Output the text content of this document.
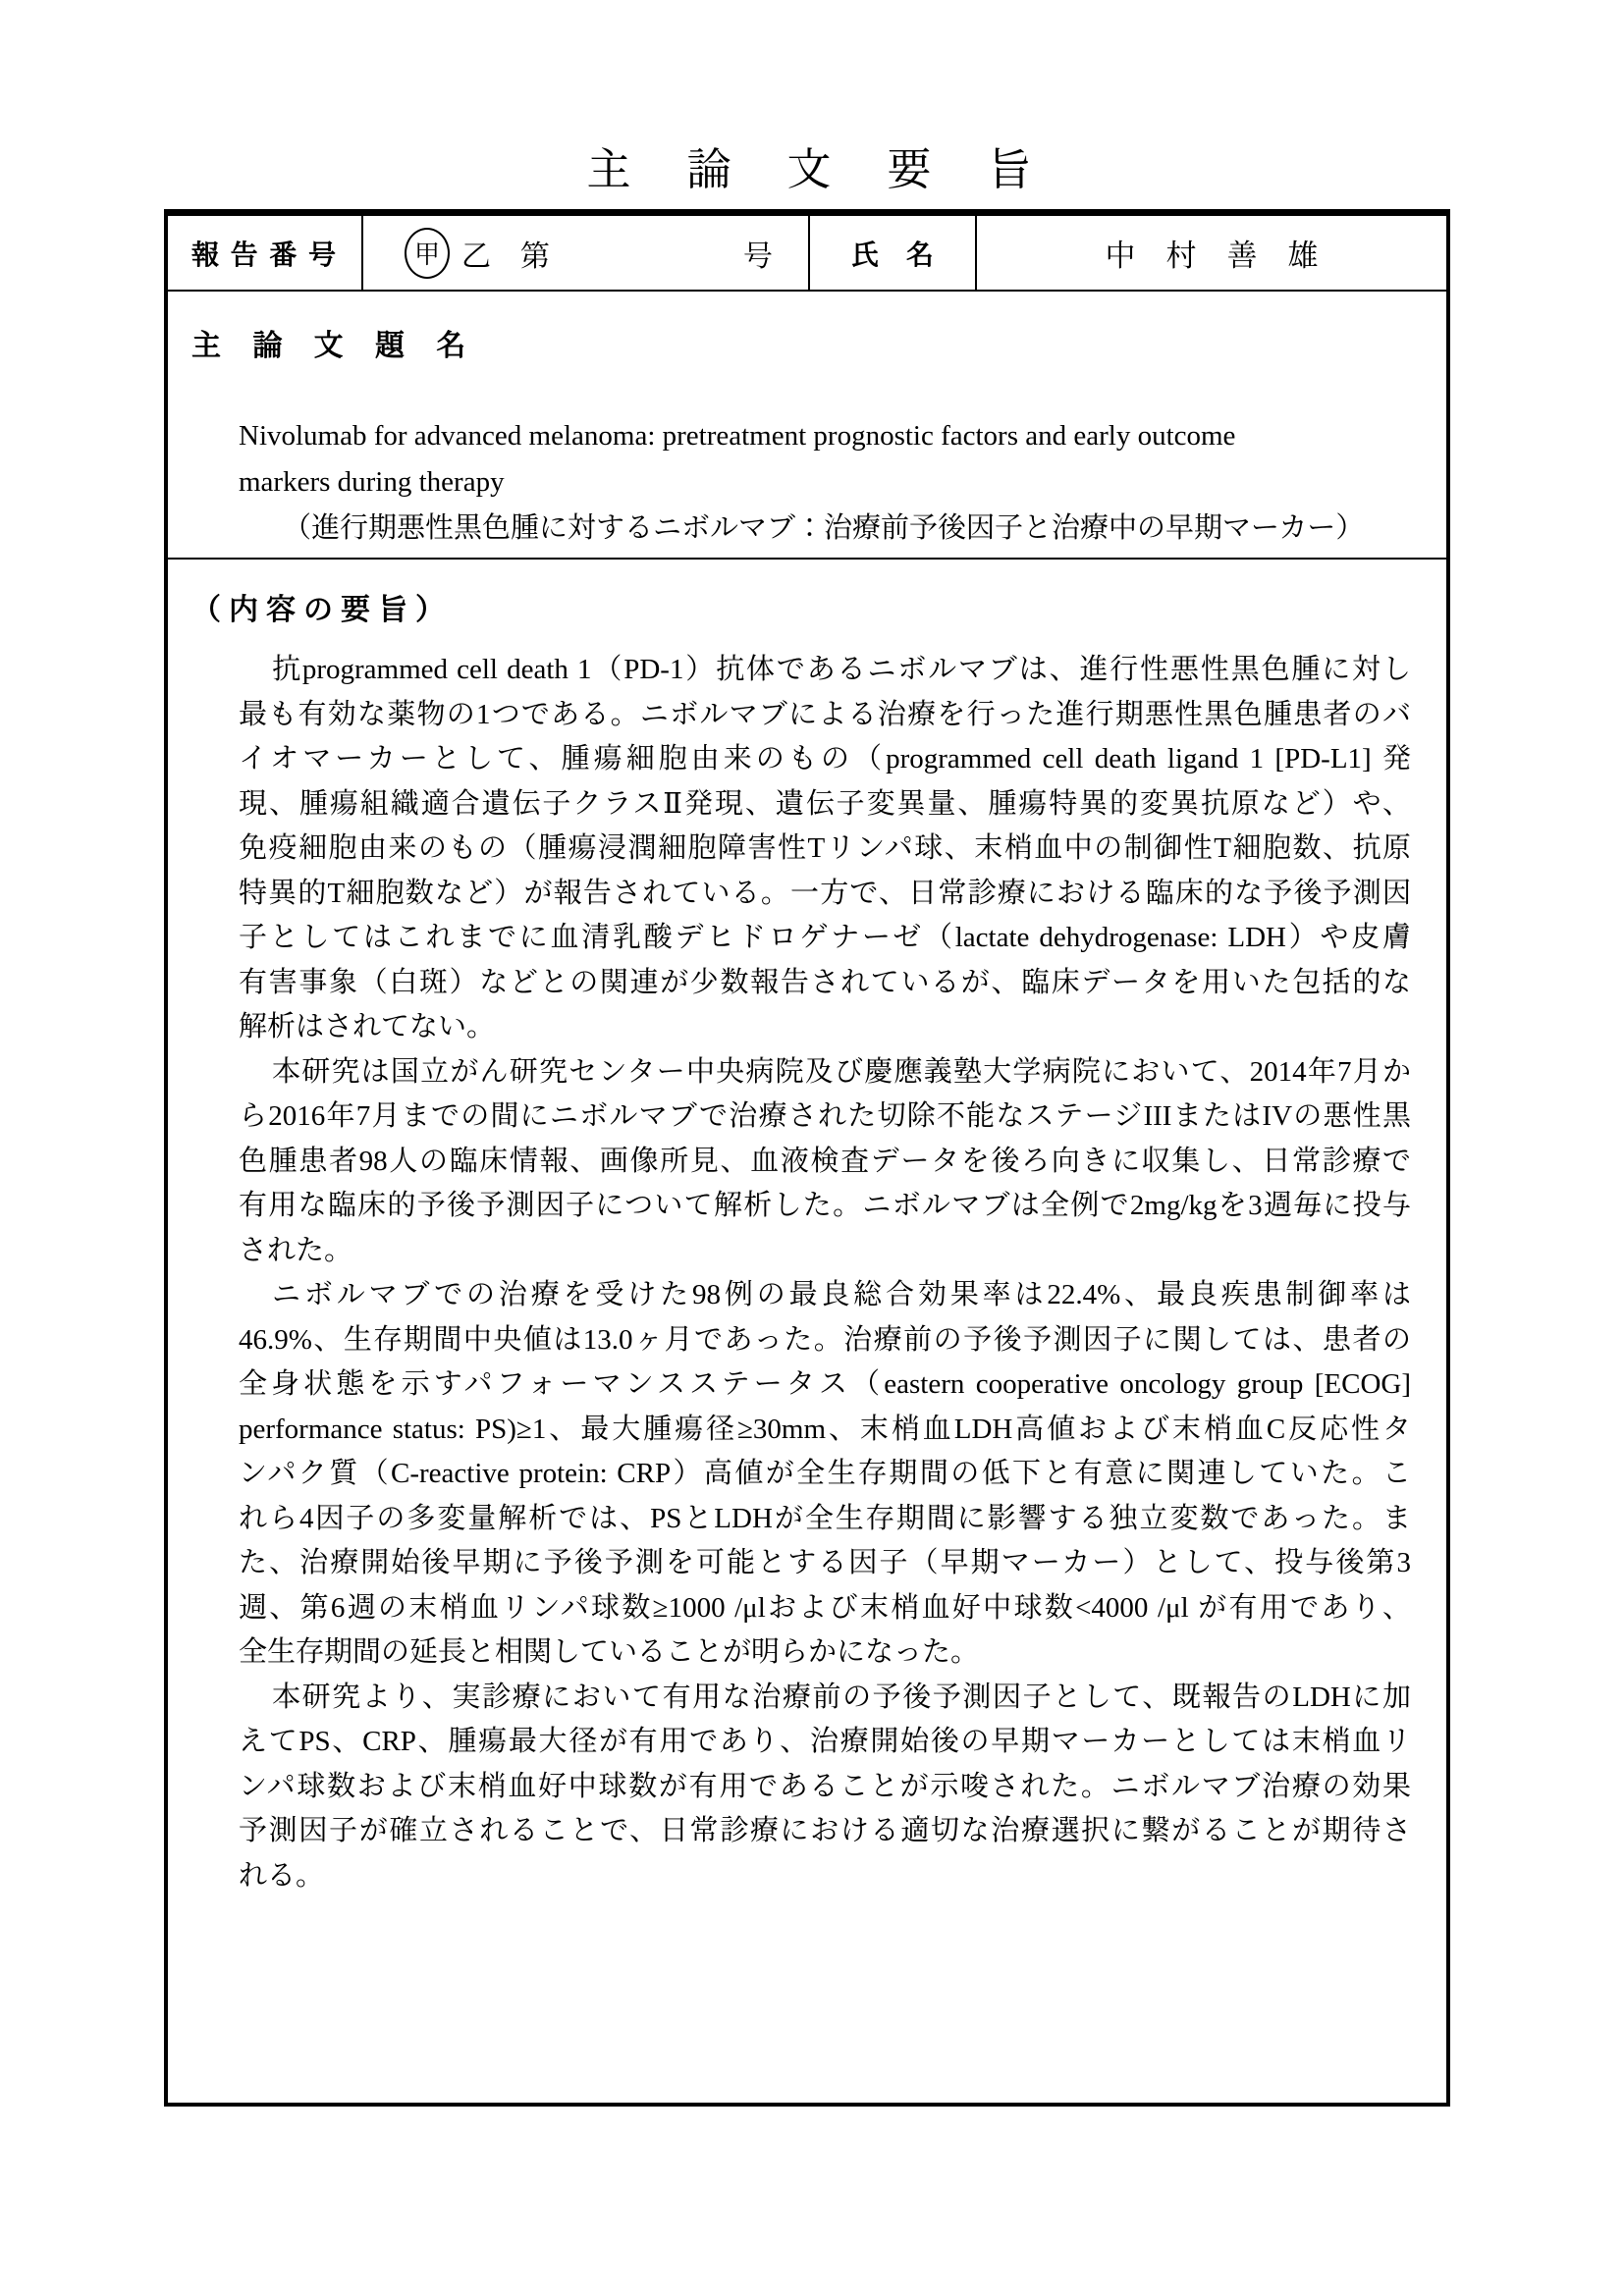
主　論　文　要　旨
報 告 番 号	甲 乙　第	号	氏　名	中　村　善　雄
主 論 文 題 名
Nivolumab for advanced melanoma: pretreatment prognostic factors and early outcome
markers during therapy
（進行期悪性黒色腫に対するニボルマブ：治療前予後因子と治療中の早期マーカー）
（内容の要旨）
抗programmed cell death 1（PD-1）抗体であるニボルマブは、進行性悪性黒色腫に対し
最も有効な薬物の1つである。ニボルマブによる治療を行った進行期悪性黒色腫患者のバ
イオマーカーとして、腫瘍細胞由来のもの（programmed cell death ligand 1 [PD-L1] 発
現、腫瘍組織適合遺伝子クラスⅡ発現、遺伝子変異量、腫瘍特異的変異抗原など）や、
免疫細胞由来のもの（腫瘍浸潤細胞障害性Tリンパ球、末梢血中の制御性T細胞数、抗原
特異的T細胞数など）が報告されている。一方で、日常診療における臨床的な予後予測因
子としてはこれまでに血清乳酸デヒドロゲナーゼ（lactate dehydrogenase: LDH）や皮膚
有害事象（白斑）などとの関連が少数報告されているが、臨床データを用いた包括的な
解析はされてない。
本研究は国立がん研究センター中央病院及び慶應義塾大学病院において、2014年7月か
ら2016年7月までの間にニボルマブで治療された切除不能なステージIIIまたはIVの悪性黒
色腫患者98人の臨床情報、画像所見、血液検査データを後ろ向きに収集し、日常診療で
有用な臨床的予後予測因子について解析した。ニボルマブは全例で2mg/kgを3週毎に投与
された。
ニボルマブでの治療を受けた98例の最良総合効果率は22.4%、最良疾患制御率は
46.9%、生存期間中央値は13.0ヶ月であった。治療前の予後予測因子に関しては、患者の
全身状態を示すパフォーマンスステータス（eastern cooperative oncology group [ECOG]
performance status: PS)≥1、最大腫瘍径≥30mm、末梢血LDH高値および末梢血C反応性タ
ンパク質（C-reactive protein: CRP）高値が全生存期間の低下と有意に関連していた。こ
れら4因子の多変量解析では、PSとLDHが全生存期間に影響する独立変数であった。ま
た、治療開始後早期に予後予測を可能とする因子（早期マーカー）として、投与後第3
週、第6週の末梢血リンパ球数≥1000 /μlおよび末梢血好中球数<4000 /μl が有用であり、
全生存期間の延長と相関していることが明らかになった。
本研究より、実診療において有用な治療前の予後予測因子として、既報告のLDHに加
えてPS、CRP、腫瘍最大径が有用であり、治療開始後の早期マーカーとしては末梢血リ
ンパ球数および末梢血好中球数が有用であることが示唆された。ニボルマブ治療の効果
予測因子が確立されることで、日常診療における適切な治療選択に繋がることが期待さ
れる。
